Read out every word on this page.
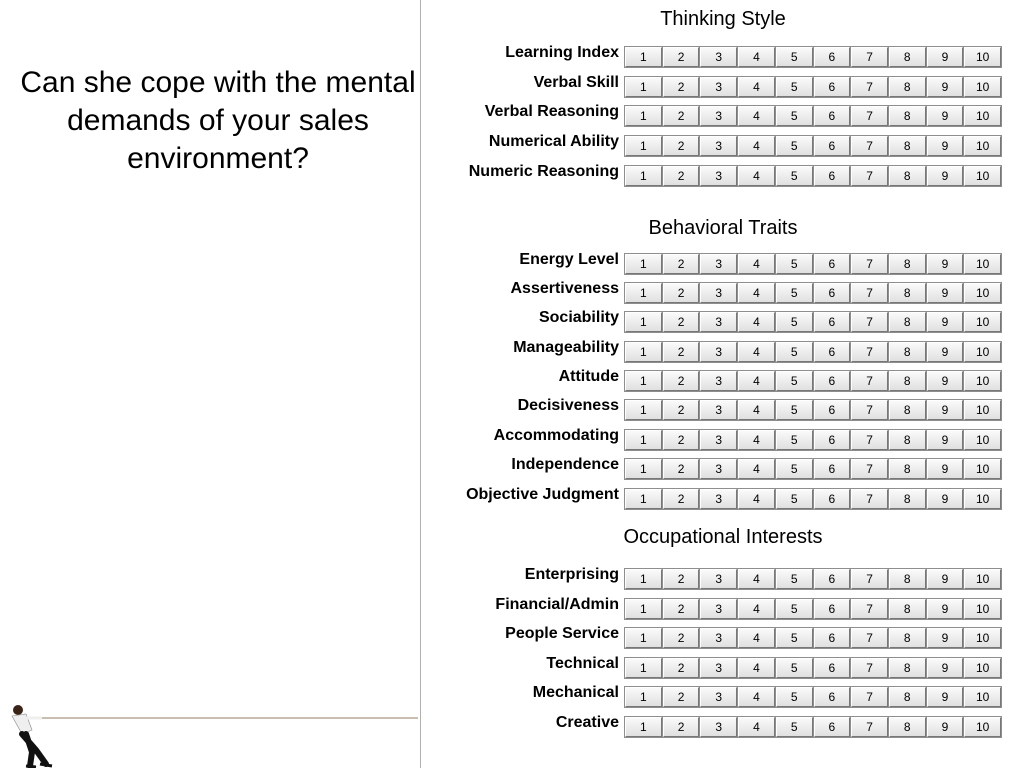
Can she cope with the mental demands of your sales environment?
Thinking Style
Learning Index	1	2	3	4	5	6	7	8	9	10
Verbal Skill	1	2	3	4	5	6	7	8	9	10
Verbal Reasoning	1	2	3	4	5	6	7	8	9	10
Numerical Ability	1	2	3	4	5	6	7	8	9	10
Numeric Reasoning	1	2	3	4	5	6	7	8	9	10
Behavioral Traits
Energy Level	1	2	3	4	5	6	7	8	9	10
Assertiveness	1	2	3	4	5	6	7	8	9	10
Sociability	1	2	3	4	5	6	7	8	9	10
Manageability	1	2	3	4	5	6	7	8	9	10
Attitude	1	2	3	4	5	6	7	8	9	10
Decisiveness	1	2	3	4	5	6	7	8	9	10
Accommodating	1	2	3	4	5	6	7	8	9	10
Independence	1	2	3	4	5	6	7	8	9	10
Objective Judgment	1	2	3	4	5	6	7	8	9	10
Occupational Interests
Enterprising	1	2	3	4	5	6	7	8	9	10
Financial/Admin	1	2	3	4	5	6	7	8	9	10
People Service	1	2	3	4	5	6	7	8	9	10
Technical	1	2	3	4	5	6	7	8	9	10
Mechanical	1	2	3	4	5	6	7	8	9	10
Creative	1	2	3	4	5	6	7	8	9	10
